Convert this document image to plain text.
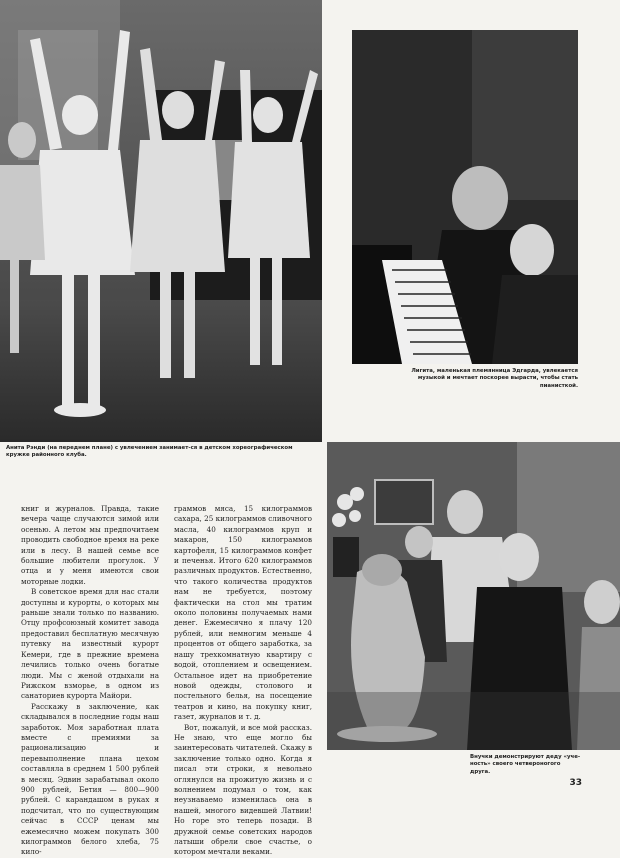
Анита Рэнди (на переднем плане) с увлечением занимает-ся в детском хореографическом кружке районного клуба.
Лигита, маленькая племянница Эдгарда, увлекается музыкой и мечтает поскорее вырасти, чтобы стать пианисткой.
Внучки демонстрируют деду «уче-ность» своего четвероногого друга.

книг и журналов. Правда, такие вечера чаще случаются зимой или осенью. А летом мы предпочитаем проводить свободное время на реке или в лесу. В нашей семье все большие любители прогулок. У отца и у меня имеются свои моторные лодки.

В советское время для нас стали доступны и курорты, о которых мы раньше знали только по названию. Отцу профсоюзный комитет завода предоставил бесплатную месячную путевку на известный курорт Кемери, где в прежние времена лечились только очень богатые люди. Мы с женой отдыхали на Рижском взморье, в одном из санаториев курорта Майори.

Расскажу в заключение, как складывался в последние годы наш заработок. Моя заработная плата вместе с премиями за рационализацию и перевыполнение плана цехом составляла в среднем 1 500 рублей в месяц. Эдвин зарабатывал около 900 рублей, Бетия — 800—900 рублей. С карандашом в руках я подсчитал, что по существующим сейчас в СССР ценам мы ежемесячно можем покупать 300 килограммов белого хлеба, 75 кило-

граммов мяса, 15 килограммов сахара, 25 килограммов сливочного масла, 40 килограммов круп и макарон, 150 килограммов картофеля, 15 килограммов конфет и печенья. Итого 620 килограммов различных продуктов. Естественно, что такого количества продуктов нам не требуется, поэтому фактически на стол мы тратим около половины получаемых нами денег. Ежемесячно я плачу 120 рублей, или немногим меньше 4 процентов от общего заработка, за нашу трехкомнатную квартиру с водой, отоплением и освещением. Остальное идет на приобретение новой одежды, столового и постельного белья, на посещение театров и кино, на покупку книг, газет, журналов и т. д.

Вот, пожалуй, и все мой рассказ. Не знаю, что еще могло бы заинтересовать читателей. Скажу в заключение только одно. Когда я писал эти строки, я невольно оглянулся на прожитую жизнь и с волнением подумал о том, как неузнаваемо изменилась она в нашей, многого видевшей Латвии! Но горе это теперь позади. В дружной семье советских народов латыши обрели свое счастье, о котором мечтали веками.

33
